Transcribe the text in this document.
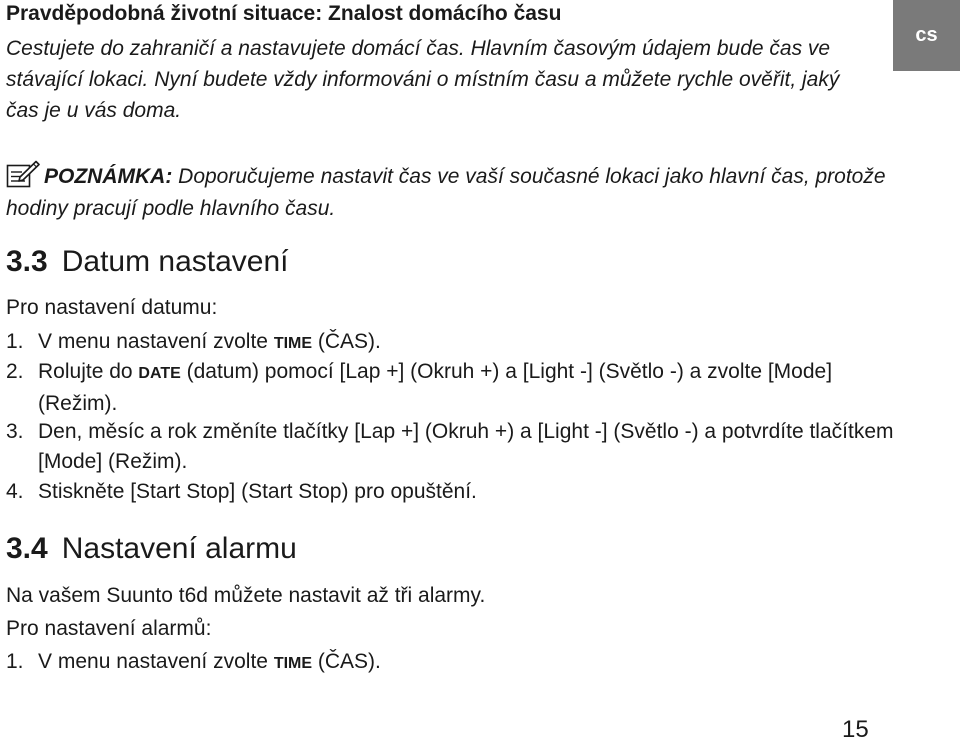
Pravděpodobná životní situace: Znalost domácího času
Cestujete do zahraničí a nastavujete domácí čas. Hlavním časovým údajem bude čas ve stávající lokaci. Nyní budete vždy informováni o místním času a můžete rychle ověřit, jaký čas je u vás doma.
cs
POZNÁMKA: Doporučujeme nastavit čas ve vaší současné lokaci jako hlavní čas, protože hodiny pracují podle hlavního času.
3.3 Datum nastavení
Pro nastavení datumu:
1. V menu nastavení zvolte TIME (ČAS).
2. Rolujte do DATE (datum) pomocí [Lap +] (Okruh +) a [Light -] (Světlo -) a zvolte [Mode] (Režim).
3. Den, měsíc a rok změníte tlačítky [Lap +] (Okruh +) a [Light -] (Světlo -) a potvrdíte tlačítkem [Mode] (Režim).
4. Stiskněte [Start Stop] (Start Stop) pro opuštění.
3.4 Nastavení alarmu
Na vašem Suunto t6d můžete nastavit až tři alarmy.
Pro nastavení alarmů:
1. V menu nastavení zvolte TIME (ČAS).
15
